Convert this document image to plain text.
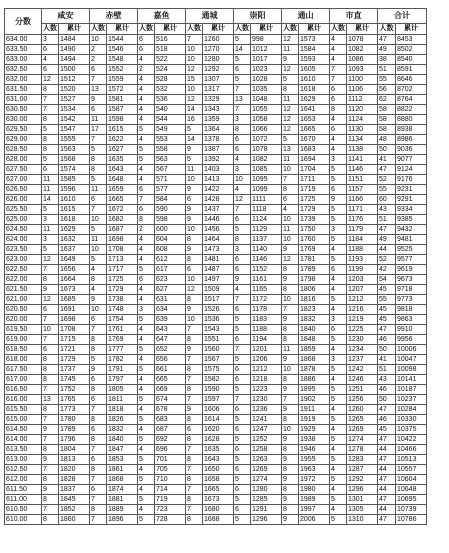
分数	咸安		赤壁		嘉鱼		通城		崇阳		通山		市直		合计	
	人数	累计	人数	累计	人数	累计	人数	累计	人数	累计	人数	累计	人数	累计	人数	累计
634.00	3	1484	10	1544	6	516	7	1260	5	998	12	1573	4	1078	47	8453
633.50	6	1490	2	1546	6	518	10	1270	14	1012	11	1584	4	1082	49	8502
633.00	4	1494	2	1548	4	522	10	1280	5	1017	9	1593	4	1086	38	8540
632.50	6	1500	6	1552	2	524	12	1292	6	1023	12	1605	7	1093	51	8591
632.00	12	1512	7	1559	4	528	15	1307	5	1028	5	1610	7	1100	55	8646
631.50	8	1520	13	1572	4	532	10	1317	7	1035	8	1618	6	1106	56	8702
631.00	7	1527	9	1581	4	536	12	1329	13	1048	11	1629	6	1112	62	8764
630.50	7	1534	6	1587	4	540	14	1343	7	1055	12	1641	8	1120	58	8822
630.00	8	1542	11	1598	4	544	16	1359	3	1058	12	1653	4	1124	58	8880
629.50	5	1547	17	1615	5	549	5	1364	8	1066	12	1665	6	1130	58	8938
629.00	8	1555	7	1622	4	553	14	1378	6	1072	5	1670	4	1134	48	8986
628.50	8	1563	5	1627	5	558	9	1387	6	1078	13	1683	4	1138	50	9036
628.00	5	1568	8	1635	5	563	5	1392	4	1082	11	1694	3	1141	41	9077
627.50	6	1574	8	1643	4	567	11	1403	3	1085	10	1704	5	1146	47	9124
627.00	11	1585	5	1648	4	571	10	1413	10	1095	7	1711	5	1151	52	9176
626.50	11	1596	11	1659	6	577	9	1422	4	1099	8	1719	6	1157	55	9231
626.00	14	1610	6	1665	7	584	6	1428	12	1111	6	1725	9	1166	60	9291
625.50	5	1615	7	1672	6	590	9	1437	7	1118	4	1729	5	1171	43	9334
625.00	3	1618	10	1682	8	598	9	1446	6	1124	10	1739	5	1176	51	9385
624.50	11	1629	5	1687	2	600	10	1456	5	1129	11	1750	3	1179	47	9432
624.00	3	1632	11	1698	4	604	8	1464	8	1137	10	1760	5	1184	49	9481
623.50	5	1637	10	1708	4	608	9	1473	3	1140	9	1769	4	1188	44	9525
623.00	12	1649	5	1713	4	612	8	1481	6	1146	12	1781	5	1193	52	9577
622.50	7	1656	4	1717	5	617	6	1487	6	1152	8	1789	6	1199	42	9619
622.00	8	1664	8	1725	6	623	10	1497	9	1161	9	1798	4	1203	54	9673
621.50	9	1673	4	1729	4	627	12	1509	4	1165	8	1806	4	1207	45	9718
621.00	12	1685	9	1738	4	631	8	1517	7	1172	10	1816	5	1212	55	9773
620.50	6	1691	10	1748	3	634	9	1526	6	1178	7	1823	4	1216	45	9818
620.00	7	1698	6	1754	5	639	10	1536	5	1183	9	1832	3	1219	45	9863
619.50	10	1708	7	1761	4	643	7	1543	5	1188	8	1840	6	1225	47	9910
619.00	7	1715	8	1769	4	647	8	1551	6	1194	8	1848	5	1230	46	9956
618.50	6	1721	8	1777	5	652	9	1560	7	1201	11	1859	4	1234	50	10006
618.00	8	1729	5	1782	4	656	7	1567	5	1206	9	1868	3	1237	41	10047
617.50	8	1737	9	1791	5	661	8	1575	6	1212	10	1878	5	1242	51	10098
617.00	8	1745	6	1797	4	665	7	1582	6	1218	8	1886	4	1246	43	10141
616.50	7	1752	8	1805	4	669	8	1590	5	1223	9	1895	5	1251	46	10187
616.00	13	1765	6	1811	5	674	7	1597	7	1230	7	1902	5	1256	50	10237
615.50	8	1773	7	1818	4	678	9	1606	6	1236	9	1911	4	1260	47	10284
615.00	7	1780	8	1826	5	683	8	1614	5	1241	8	1919	5	1265	46	10330
614.50	9	1789	6	1832	4	687	6	1620	6	1247	10	1929	4	1269	45	10375
614.00	7	1796	8	1840	5	692	8	1628	5	1252	9	1938	5	1274	47	10422
613.50	8	1804	7	1847	4	696	7	1635	6	1258	8	1946	4	1278	44	10466
613.00	9	1813	6	1853	5	701	8	1643	5	1263	9	1955	5	1283	47	10513
612.50	7	1820	8	1861	4	705	7	1650	6	1269	8	1963	4	1287	44	10557
612.00	8	1828	7	1868	5	710	8	1658	5	1274	9	1972	5	1292	47	10604
611.50	9	1837	6	1874	4	714	7	1665	6	1280	8	1980	4	1296	44	10648
611.00	8	1845	7	1881	5	719	8	1673	5	1285	9	1989	5	1301	47	10695
610.50	7	1852	8	1889	4	723	7	1680	6	1291	8	1997	4	1305	44	10739
610.00	8	1860	7	1896	5	728	8	1688	5	1296	9	2006	5	1310	47	10786
